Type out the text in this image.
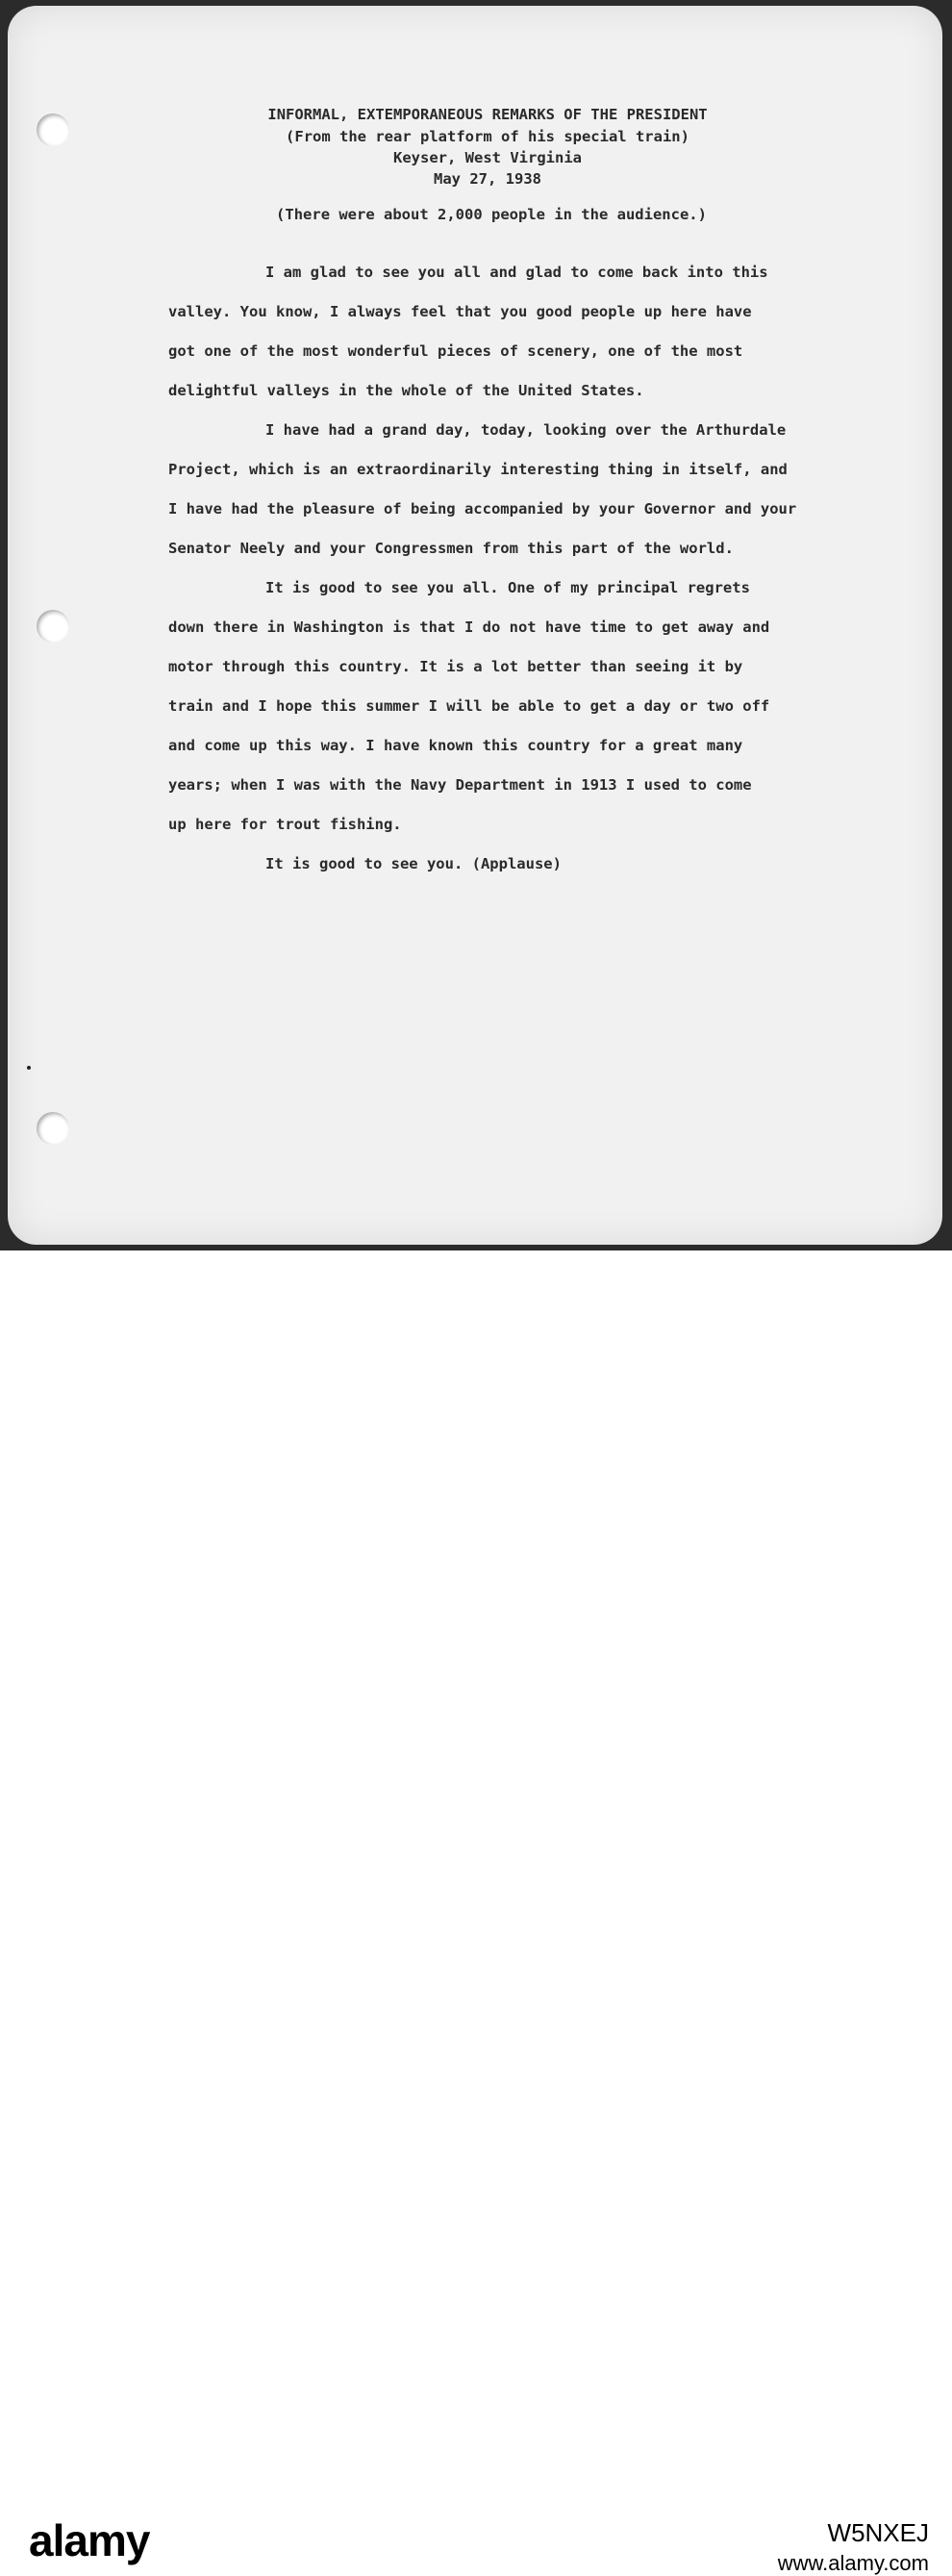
INFORMAL, EXTEMPORANEOUS REMARKS OF THE PRESIDENT
(From the rear platform of his special train)
Keyser, West Virginia
May 27, 1938
(There were about 2,000 people in the audience.)
I am glad to see you all and glad to come back into this
valley. You know, I always feel that you good people up here have
got one of the most wonderful pieces of scenery, one of the most
delightful valleys in the whole of the United States.
I have had a grand day, today, looking over the Arthurdale
Project, which is an extraordinarily interesting thing in itself, and
I have had the pleasure of being accompanied by your Governor and your
Senator Neely and your Congressmen from this part of the world.
It is good to see you all. One of my principal regrets
down there in Washington is that I do not have time to get away and
motor through this country. It is a lot better than seeing it by
train and I hope this summer I will be able to get a day or two off
and come up this way. I have known this country for a great many
years; when I was with the Navy Department in 1913 I used to come
up here for trout fishing.
It is good to see you. (Applause)
alamy	W5NXEJ
www.alamy.com
